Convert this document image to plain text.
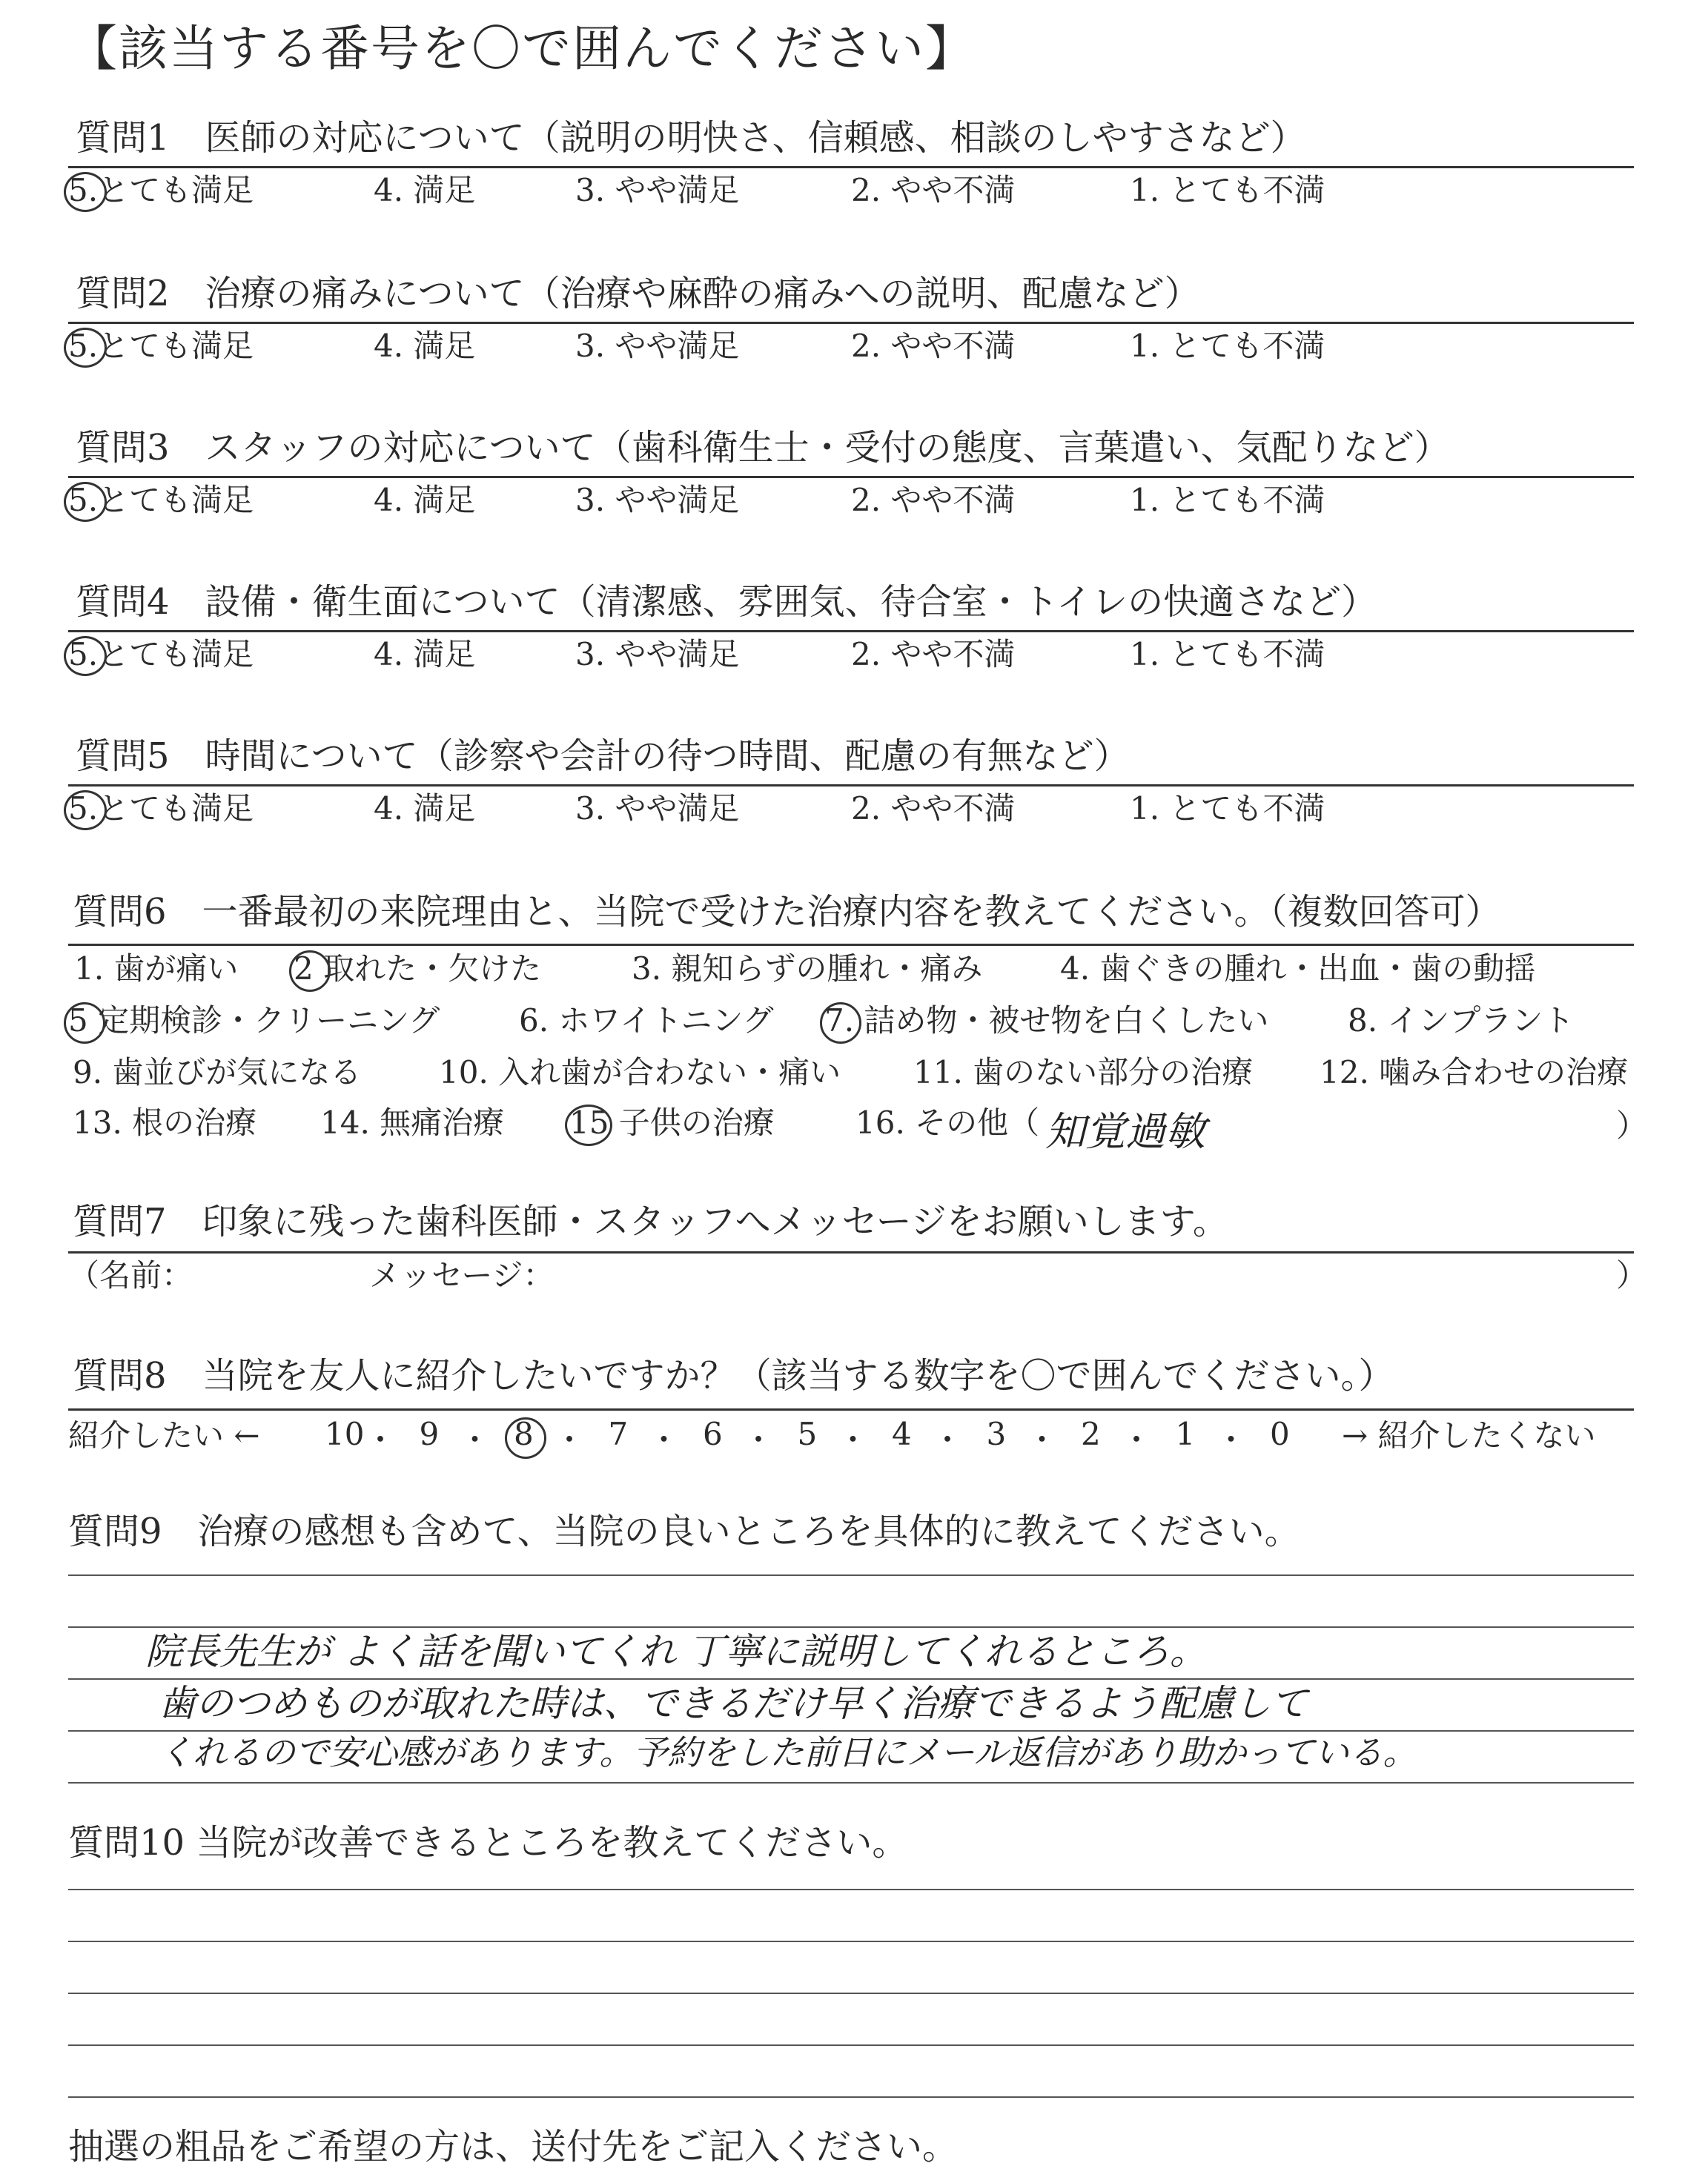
【該当する番号を〇で囲んでください】
質問1　医師の対応について（説明の明快さ、信頼感、相談のしやすさなど）
5.とても満足	4. 満足	3. やや満足	2. やや不満	1. とても不満
質問2　治療の痛みについて（治療や麻酔の痛みへの説明、配慮など）
5.とても満足	4. 満足	3. やや満足	2. やや不満	1. とても不満
質問3　スタッフの対応について（歯科衛生士・受付の態度、言葉遣い、気配りなど）
5.とても満足	4. 満足	3. やや満足	2. やや不満	1. とても不満
質問4　設備・衛生面について（清潔感、雰囲気、待合室・トイレの快適さなど）
5.とても満足	4. 満足	3. やや満足	2. やや不満	1. とても不満
質問5　時間について（診察や会計の待つ時間、配慮の有無など）
5.とても満足	4. 満足	3. やや満足	2. やや不満	1. とても不満
質問6　一番最初の来院理由と、当院で受けた治療内容を教えてください。（複数回答可）
1. 歯が痛い 2 取れた・欠けた	3. 親知らずの腫れ・痛み 4. 歯ぐきの腫れ・出血・歯の動揺
5 定期検診・クリーニング	6. ホワイトニング 7. 詰め物・被せ物を白くしたい	8. インプラント
9. 歯並びが気になる 10. 入れ歯が合わない・痛い 11. 歯のない部分の治療 12. 噛み合わせの治療
13. 根の治療 14. 無痛治療 15 子供の治療	16. その他（ 知覚過敏	）
質問7　印象に残った歯科医師・スタッフへメッセージをお願いします。
（名前：	メッセージ：	）
質問8　当院を友人に紹介したいですか？（該当する数字を〇で囲んでください。）
紹介したい ← 10 ・ 9 ・ 8 ・ 7 ・ 6 ・ 5 ・ 4 ・ 3 ・ 2 ・ 1 ・ 0 → 紹介したくない
質問9　治療の感想も含めて、当院の良いところを具体的に教えてください。
院長先生が よく話を聞いてくれ 丁寧に説明してくれるところ。
歯のつめものが取れた時は、できるだけ早く治療できるよう配慮して
くれるので安心感があります。予約をした前日にメール返信があり助かっている。
質問10 当院が改善できるところを教えてください。
抽選の粗品をご希望の方は、送付先をご記入ください。
